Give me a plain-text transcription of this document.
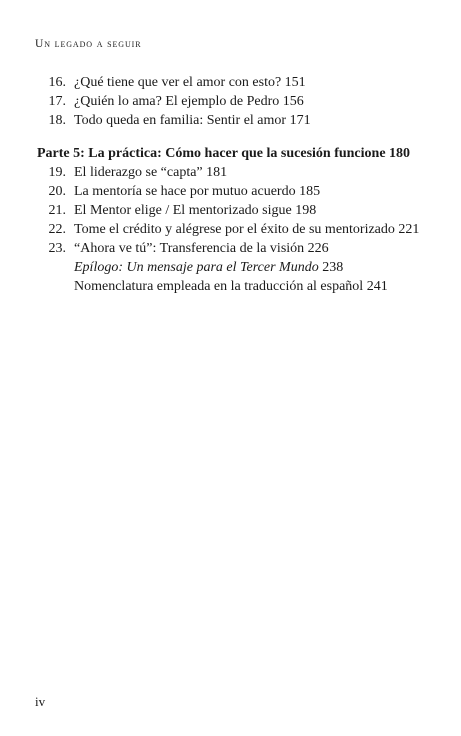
Un legado a seguir
16. ¿Qué tiene que ver el amor con esto? 151
17. ¿Quién lo ama? El ejemplo de Pedro 156
18. Todo queda en familia: Sentir el amor 171
Parte 5: La práctica: Cómo hacer que la sucesión funcione 180
19. El liderazgo se “capta” 181
20. La mentoría se hace por mutuo acuerdo 185
21. El Mentor elige / El mentorizado sigue 198
22. Tome el crédito y alégrese por el éxito de su mentorizado 221
23. “Ahora ve tú”: Transferencia de la visión 226
Epílogo: Un mensaje para el Tercer Mundo 238
Nomenclatura empleada en la traducción al español 241
iv
